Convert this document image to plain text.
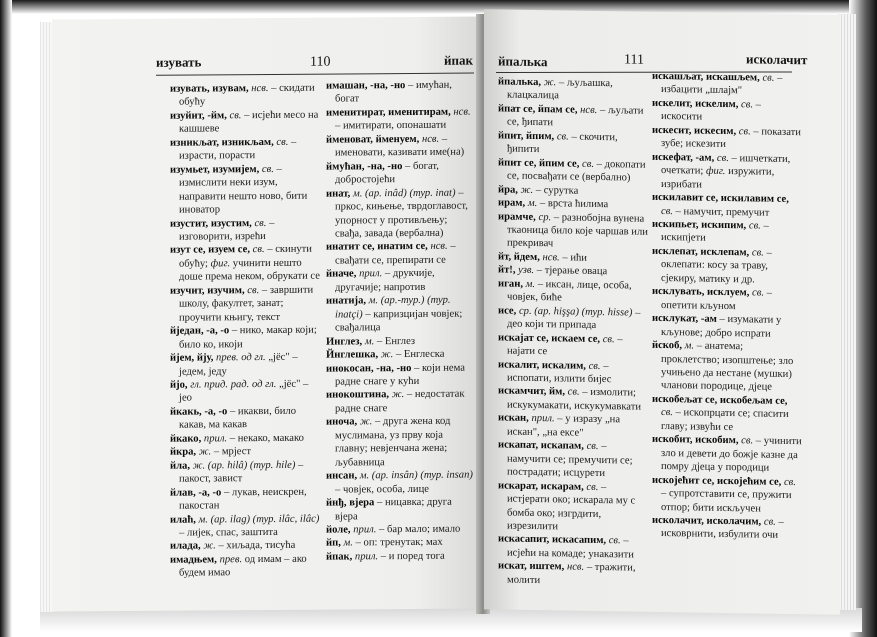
изувать	110	йпак
изувать, изувам, нсв. – скидати обуħу
изуйит, -йм, св. – исјећи месо на кашшеве
изникљат, изникљам, св. – израсти, порасти
изумьет, изумијем, св. – измислити неки изум, направити нешто ново, бити иноватор
изустит, изустим, св. – изговорити, изрећи
изут се, изуем се, св. – скинути обуħу; фиг. учинити нешто доше према неком, обрукати се
изучит, изучим, св. – завршити школу, факултет, занат; проучити књигу, текст
йједан, -а, -о – нико, макар који; било ко, икоји
йјем, йју, прев. од гл. „јёс" – једем, једу
йјо, гл. прид. рад. од гл. „јёс" – јео
йкакь, -а, -о – икакви, било какав, ма какав
йкако, прил. – некако, макако
йкра, ж. – мрјест
йла, ж. (ар. hilâ) (тур. hile) – пакост, завист
йлав, -а, -о – лукав, неискрен, пакостан
илаћ, м. (ар. ilag) (тур. ilâc, ilâc) – лијек, спас, заштита
илада, ж. – хиљада, тисућа
имадњем, прев. од имам – ако будем имао
имашан, -на, -но – имућан, богат
именитират, именитирам, нсв. – имитирати, опонашати
йменоват, йменуем, нсв. – именовати, казивати име(на)
ймућан, -на, -но – богат, добростојећи
инат, м. (ар. inâd) (тур. inat) – пркос, кињење, тврдоглавост, упорност у противљењу; свађа, завада (вербална)
инатит се, инатим се, нсв. – свађати се, препирати се
йначе, прил. – друкчије, другачије; напротив
инатија, м. (ар.-тур.) (тур. inatçi) – капризцијан човјек; свађалица
Инглез, м. – Енглез
Йнглешка, ж. – Енглеска
инокосан, -на, -но – који нема радне снаге у кући
инокоштина, ж. – недостатак радне снаге
иноча, ж. – друга жена код муслимана, уз прву која главну; невјенчана жена; љубавница
инсан, м. (ар. insân) (тур. insan) – човјек, особа, лице
йнђ, вјера – ницавка; друга вјера
йоле, прил. – бар мало; имало
йп, м. – оп: тренутак; мах
йпак, прил. – и поред тога
йпалька	111	исколачит
йпалька, ж. – љуљашка, клацкалица
йпат се, йпам се, нсв. – љуљати се, ђипати
йпит, йпим, св. – скочити, ђипити
йпит се, йпим се, св. – докопати се, посвађати се (вербално)
йра, ж. – сурутка
ирам, м. – врста ħилима
ирамче, ср. – разнобојна вунена ткаоница било које чаршав или прекривач
йт, йдем, нсв. – иħи
йт!, узв. – тјерање оваца
иган, м. – иксан, лице, особа, човјек, биħе
исе, ср. (ар. hişşa) (тур. hisse) – део који ти припада
искајат се, искаем се, св. – најати се
искалит, искалим, св. – испопати, излити бијес
искамчит, йм, св. – измолити; искукумакати, искукумавкати
искан, прил. – у изразу „на искан", „на ексе"
искапат, искапам, св. – намучити се; премучити се; пострадати; исцурети
искарат, искарам, св. – истјерати око; искарала му с бомба око; изгрдити, изрезилити
искасапит, искасапим, св. – исјећи на комаде; унаказити
искат, иштем, нсв. – тражити, молити
искашљат, искашљем, св. – избацити „шлајм"
искелит, искелим, св. – искосити
искесит, искесим, св. – показати зубе; искезити
искефат, -ам, св. – ишчеткати, очеткати; фиг. изружити, изрибати
искилавит се, искилавим се, св. – намучит, премучит
искипьет, искипим, св. – искипјети
исклепат, исклепам, св. – оклепати: косу за траву, сјекиру, матику и др.
исклувать, исклуем, св. – опетити кљуном
исклукат, -ам – изумакати у кљунове; добро испрати
йскоб, м. – анатема; проклетство; изопштење; зло учињено да нестане (мушки) чланови породице, дјеце
искобељат се, искобељам се, св. – ископрцати се; спасити главу; извући се
искобит, искобим, св. – учинити зло и девети до божје казне да помру дјеца у породици
искојећит се, искојећим се, св. – супротставити се, пружити отпор; бити искључен
исколачит, исколачим, св. – исковрнити, избулити очи
